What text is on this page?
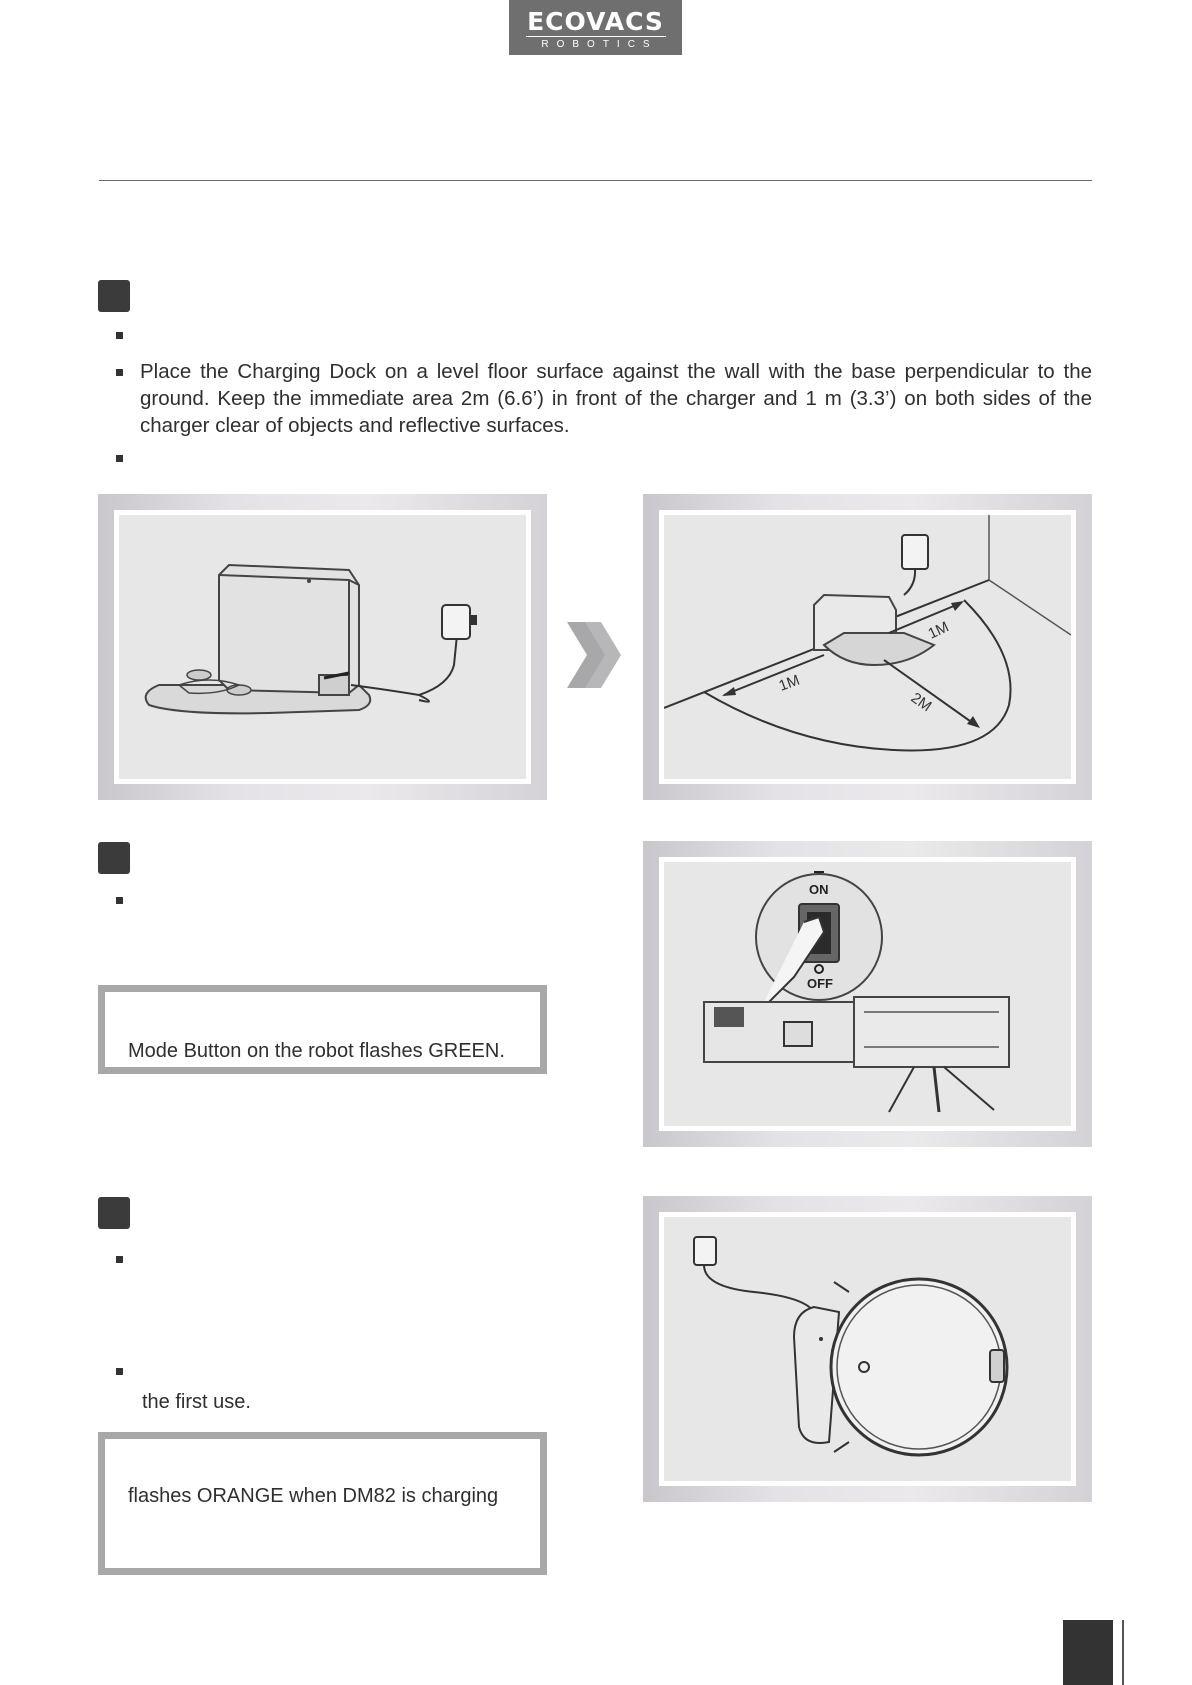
ECOVACS
ROBOTICS
Place the Charging Dock on a level floor surface against the wall with the base perpendicular to the ground. Keep the immediate area 2m (6.6’) in front of the charger and 1 m (3.3’) on both sides of the charger clear of objects and reflective surfaces.
1M
1M
2M
Mode Button on the robot flashes GREEN.
ON
OFF
the first use.
flashes ORANGE when DM82 is charging
